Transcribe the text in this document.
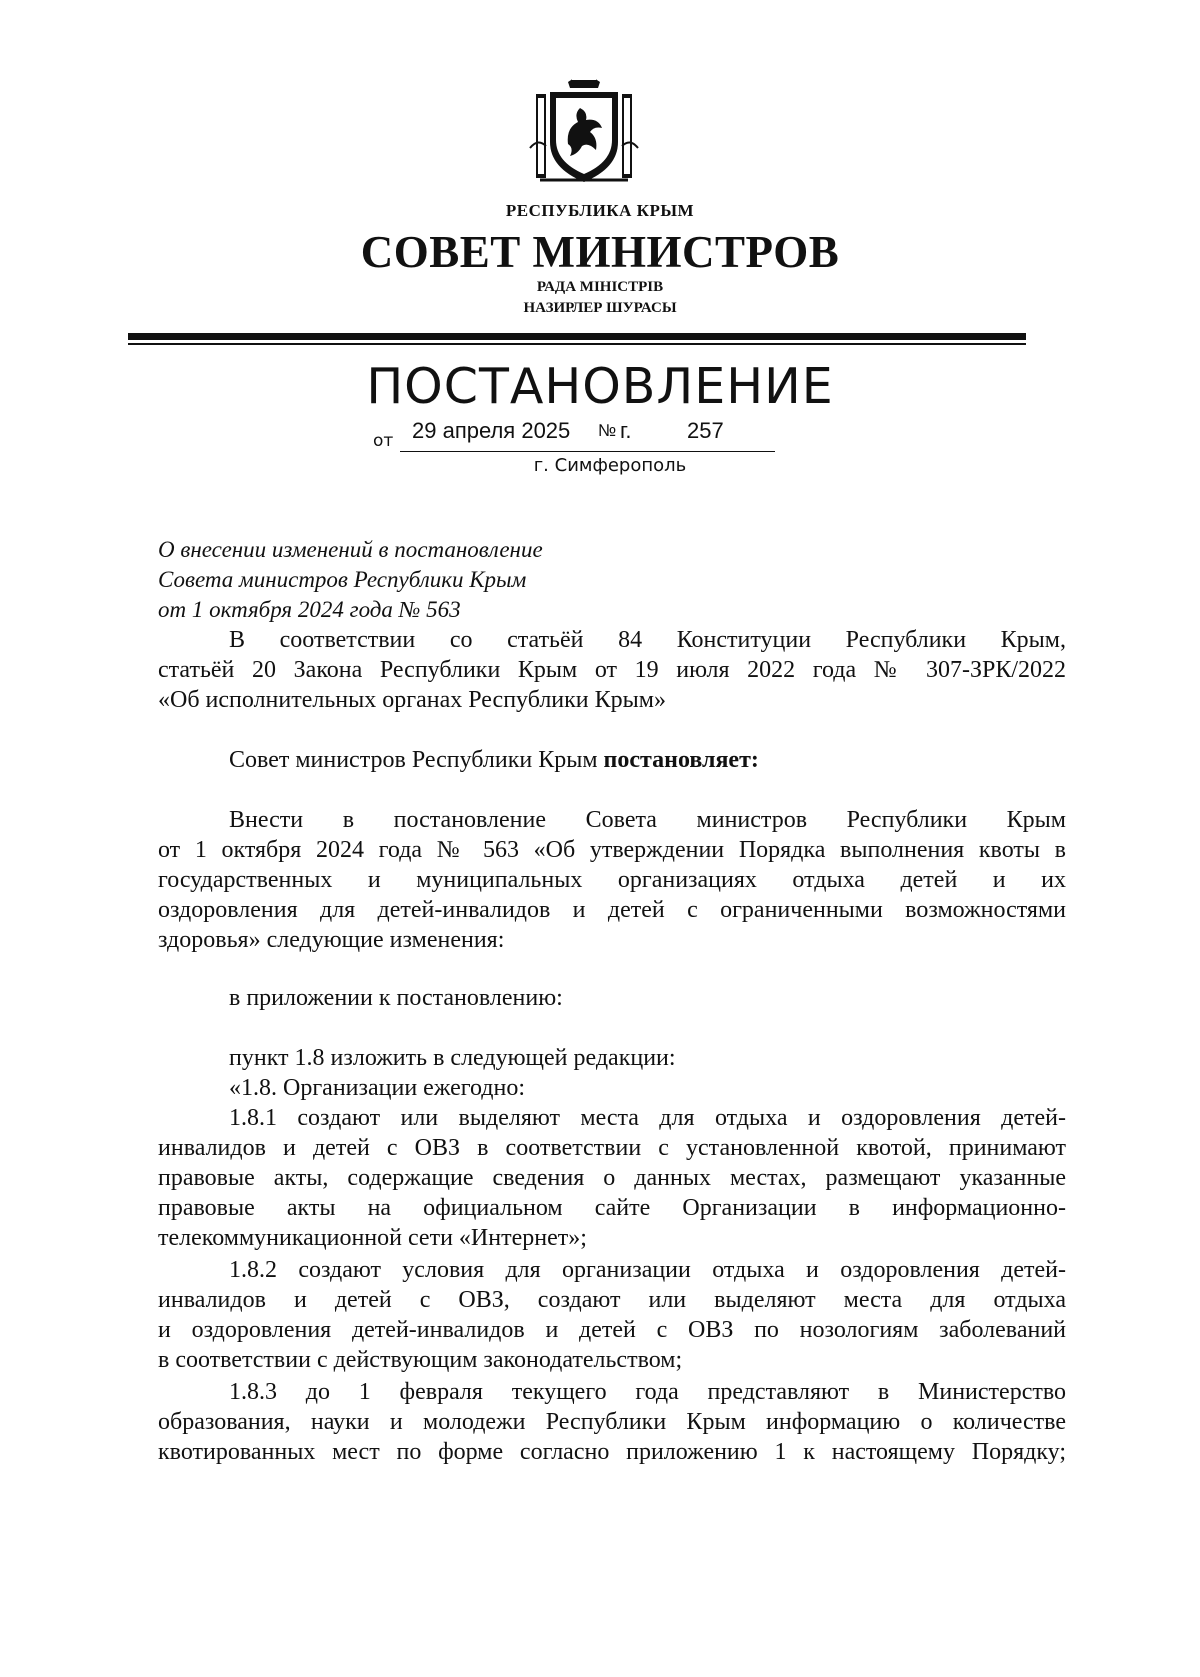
РЕСПУБЛИКА КРЫМ
СОВЕТ МИНИСТРОВ
РАДА МІНІСТРІВ
НАЗИРЛЕР ШУРАСЫ
ПОСТАНОВЛЕНИЕ
от 29 апреля 2025 № г.	257
г. Симферополь
О внесении изменений в постановление
Совета министров Республики Крым
от 1 октября 2024 года № 563
В соответствии со статьёй 84 Конституции Республики Крым,
статьёй 20 Закона Республики Крым от 19 июля 2022 года № 307-ЗРК/2022
«Об исполнительных органах Республики Крым»
Совет министров Республики Крым постановляет:
Внести в постановление Совета министров Республики Крым
от 1 октября 2024 года № 563 «Об утверждении Порядка выполнения квоты в
государственных и муниципальных организациях отдыха детей и их
оздоровления для детей-инвалидов и детей с ограниченными возможностями
здоровья» следующие изменения:
в приложении к постановлению:
пункт 1.8 изложить в следующей редакции:
«1.8. Организации ежегодно:
1.8.1 создают или выделяют места для отдыха и оздоровления детей-
инвалидов и детей с ОВЗ в соответствии с установленной квотой, принимают
правовые акты, содержащие сведения о данных местах, размещают указанные
правовые акты на официальном сайте Организации в информационно-
телекоммуникационной сети «Интернет»;
1.8.2 создают условия для организации отдыха и оздоровления детей-
инвалидов и детей с ОВЗ, создают или выделяют места для отдыха
и оздоровления детей-инвалидов и детей с ОВЗ по нозологиям заболеваний
в соответствии с действующим законодательством;
1.8.3 до 1 февраля текущего года представляют в Министерство
образования, науки и молодежи Республики Крым информацию о количестве
квотированных мест по форме согласно приложению 1 к настоящему Порядку;
